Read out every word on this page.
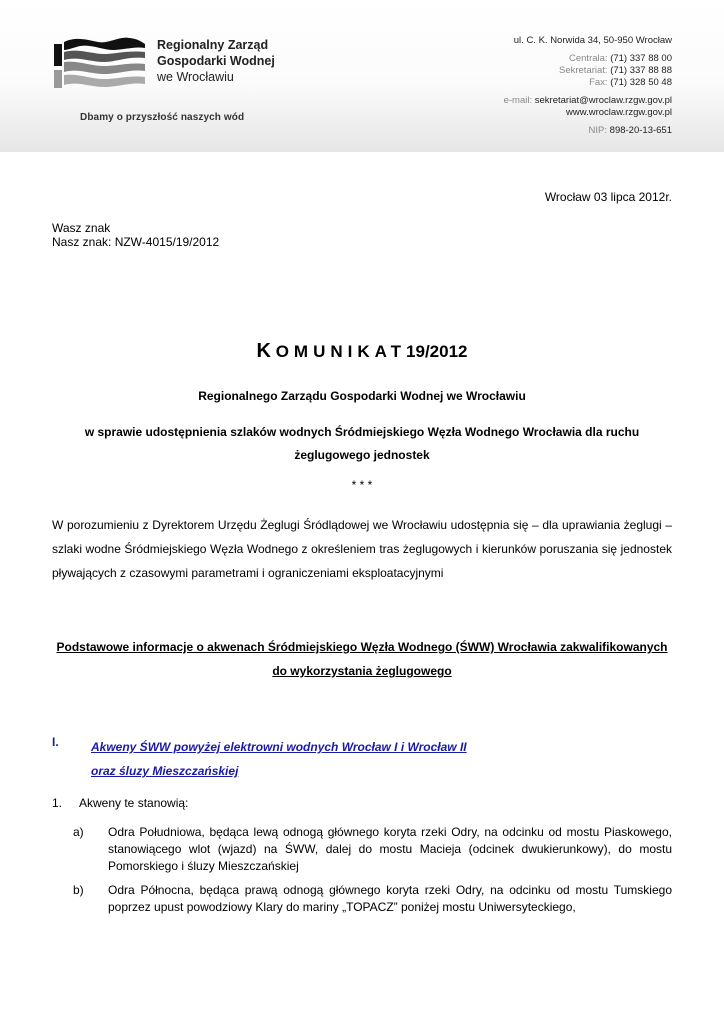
Regionalny Zarząd
Gospodarki Wodnej
we Wrocławiu
Dbamy o przyszłość naszych wód
ul. C. K. Norwida 34, 50-950 Wrocław
Centrala: (71) 337 88 00
Sekretariat: (71) 337 88 88
Fax: (71) 328 50 48
e-mail: sekretariat@wroclaw.rzgw.gov.pl
www.wroclaw.rzgw.gov.pl
NIP: 898-20-13-651
Wrocław 03 lipca 2012r.
Wasz znak
Nasz znak: NZW-4015/19/2012
K OMUNIKAT19/2012
Regionalnego Zarządu Gospodarki Wodnej we Wrocławiu
w sprawie udostępnienia szlaków wodnych Śródmiejskiego Węzła Wodnego Wrocławia dla ruchu żeglugowego jednostek
* * *
W porozumieniu z Dyrektorem Urzędu Żeglugi Śródlądowej we Wrocławiu udostępnia się – dla uprawiania żeglugi – szlaki wodne Śródmiejskiego Węzła Wodnego z określeniem tras żeglugowych i kierunków poruszania się jednostek pływających z czasowymi parametrami i ograniczeniami eksploatacyjnymi
Podstawowe informacje o akwenach Śródmiejskiego Węzła Wodnego (ŚWW) Wrocławia zakwalifikowanych do wykorzystania żeglugowego
I.	Akweny ŚWW powyżej elektrowni wodnych Wrocław I i Wrocław II
oraz śluzy Mieszczańskiej
1. Akweny te stanowią:
a) Odra Południowa, będąca lewą odnogą głównego koryta rzeki Odry, na odcinku od mostu Piaskowego, stanowiącego wlot (wjazd) na ŚWW, dalej do mostu Macieja (odcinek dwukierunkowy), do mostu Pomorskiego i śluzy Mieszczańskiej
b) Odra Północna, będąca prawą odnogą głównego koryta rzeki Odry, na odcinku od mostu Tumskiego poprzez upust powodziowy Klary do mariny „TOPACZ” poniżej mostu Uniwersyteckiego,
